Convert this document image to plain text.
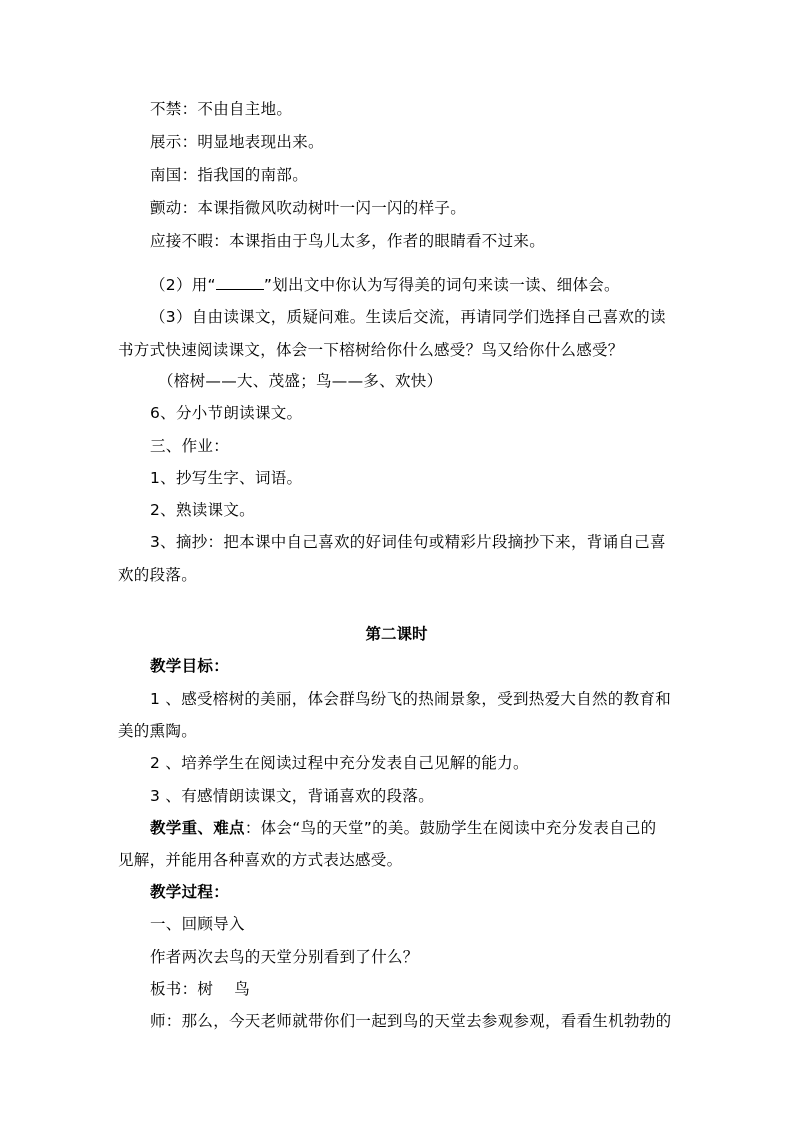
不禁：不由自主地。
展示：明显地表现出来。
南国：指我国的南部。
颤动：本课指微风吹动树叶一闪一闪的样子。
应接不暇：本课指由于鸟儿太多，作者的眼睛看不过来。
（2）用“	”划出文中你认为写得美的词句来读一读、细体会。
（3）自由读课文，质疑问难。生读后交流，再请同学们选择自己喜欢的读
书方式快速阅读课文，体会一下榕树给你什么感受？鸟又给你什么感受？
（榕树——大、茂盛；鸟——多、欢快）
6、分小节朗读课文。
三、作业：
1、抄写生字、词语。
2、熟读课文。
3、摘抄：把本课中自己喜欢的好词佳句或精彩片段摘抄下来，背诵自己喜
欢的段落。
第二课时
教学目标：
1 、感受榕树的美丽，体会群鸟纷飞的热闹景象，受到热爱大自然的教育和
美的熏陶。
2 、培养学生在阅读过程中充分发表自己见解的能力。
3 、有感情朗读课文，背诵喜欢的段落。
教学重、难点：体会“鸟的天堂”的美。鼓励学生在阅读中充分发表自己的
见解，并能用各种喜欢的方式表达感受。
教学过程：
一、回顾导入
作者两次去鸟的天堂分别看到了什么？
板书：树　 鸟
师：那么，今天老师就带你们一起到鸟的天堂去参观参观，看看生机勃勃的
